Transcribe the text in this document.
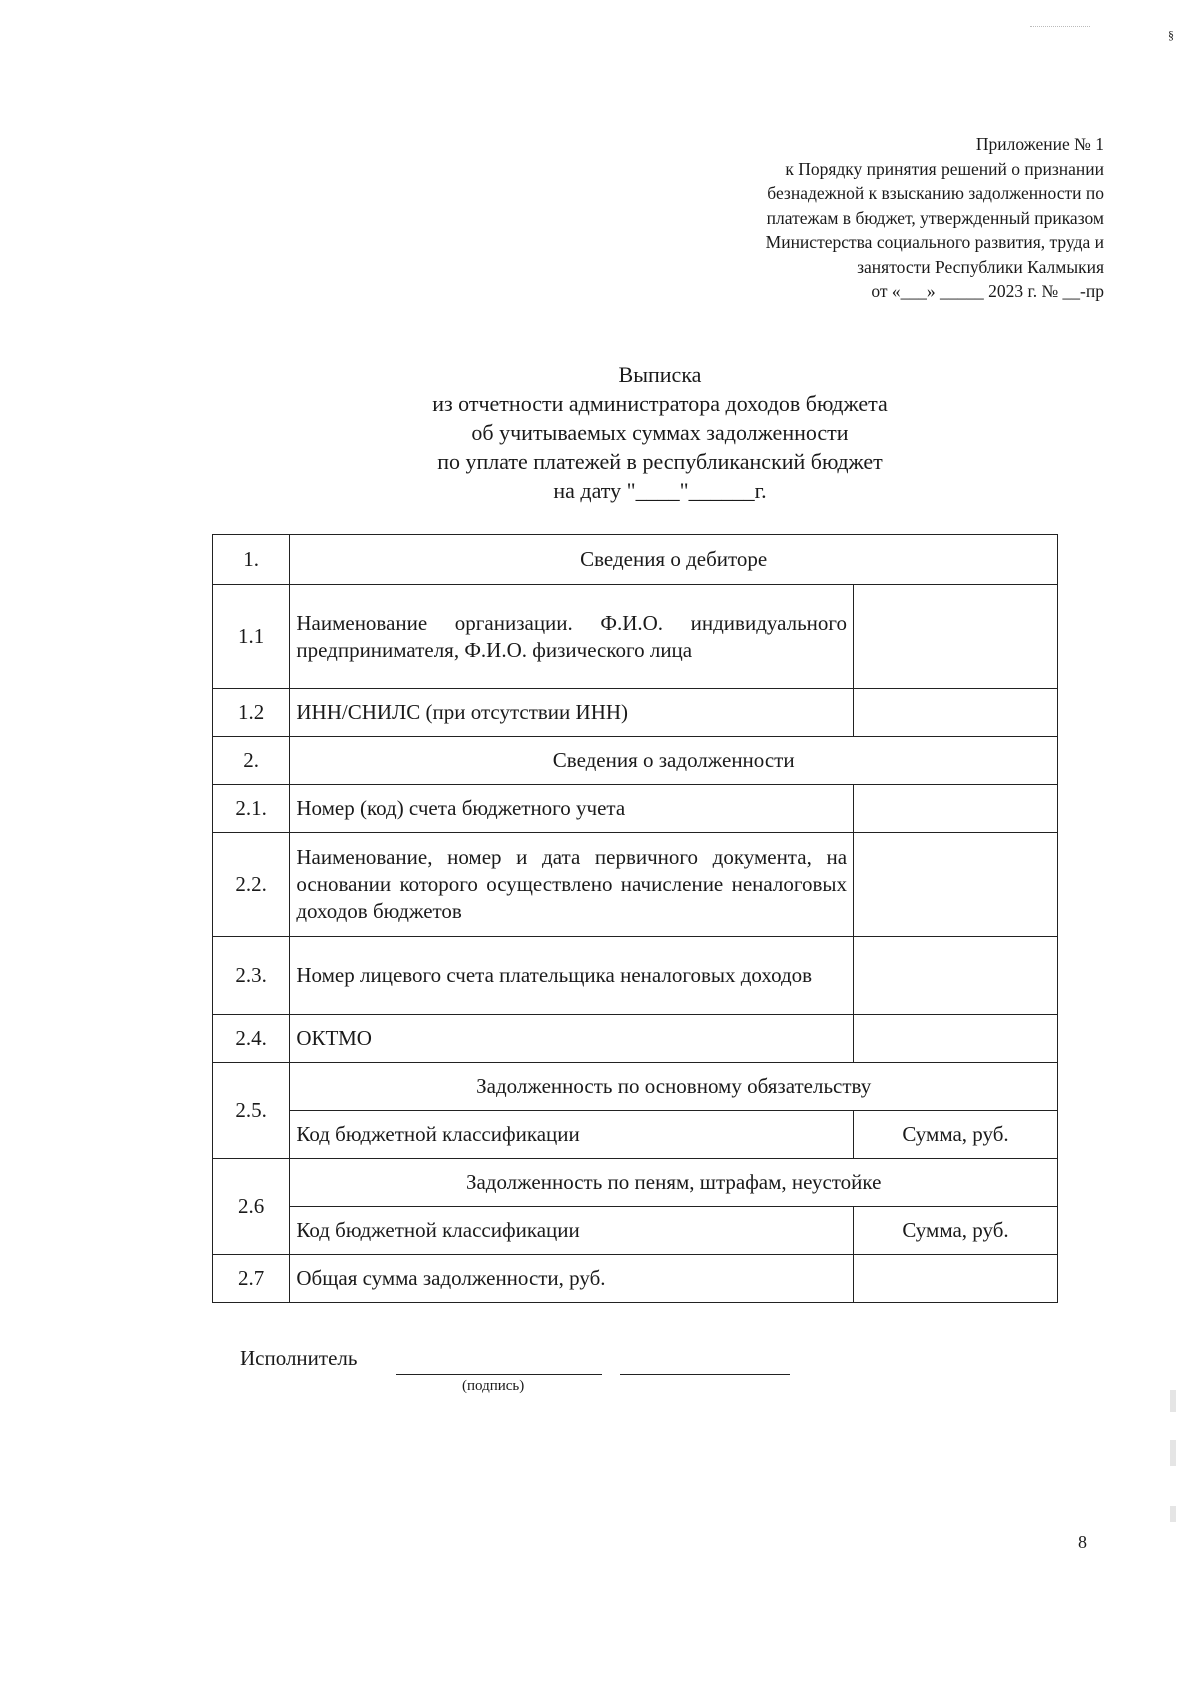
§
Приложение № 1
к Порядку принятия решений о признании
безнадежной к взысканию задолженности по
платежам в бюджет, утвержденный приказом
Министерства социального развития, труда и
занятости Республики Калмыкия
от «___» _____ 2023 г. № __-пр
Выписка
из отчетности администратора доходов бюджета
об учитываемых суммах задолженности
по уплате платежей в республиканский бюджет
на дату "____"______г.
1.	Сведения о дебиторе	
1.1	Наименование организации. Ф.И.О. индивидуального предпринимателя, Ф.И.О. физического лица	
1.2	ИНН/СНИЛС (при отсутствии ИНН)	
2.	Сведения о задолженности	
2.1.	Номер (код) счета бюджетного учета	
2.2.	Наименование, номер и дата первичного документа, на основании которого осуществлено начисление неналоговых доходов бюджетов	
2.3.	Номер лицевого счета плательщика неналоговых доходов	
2.4.	ОКТМО	
2.5.	Задолженность по основному обязательству	
	Код бюджетной классификации	Сумма, руб.
2.6	Задолженность по пеням, штрафам, неустойке	
	Код бюджетной классификации	Сумма, руб.
2.7	Общая сумма задолженности, руб.	
Исполнитель
(подпись)
8
